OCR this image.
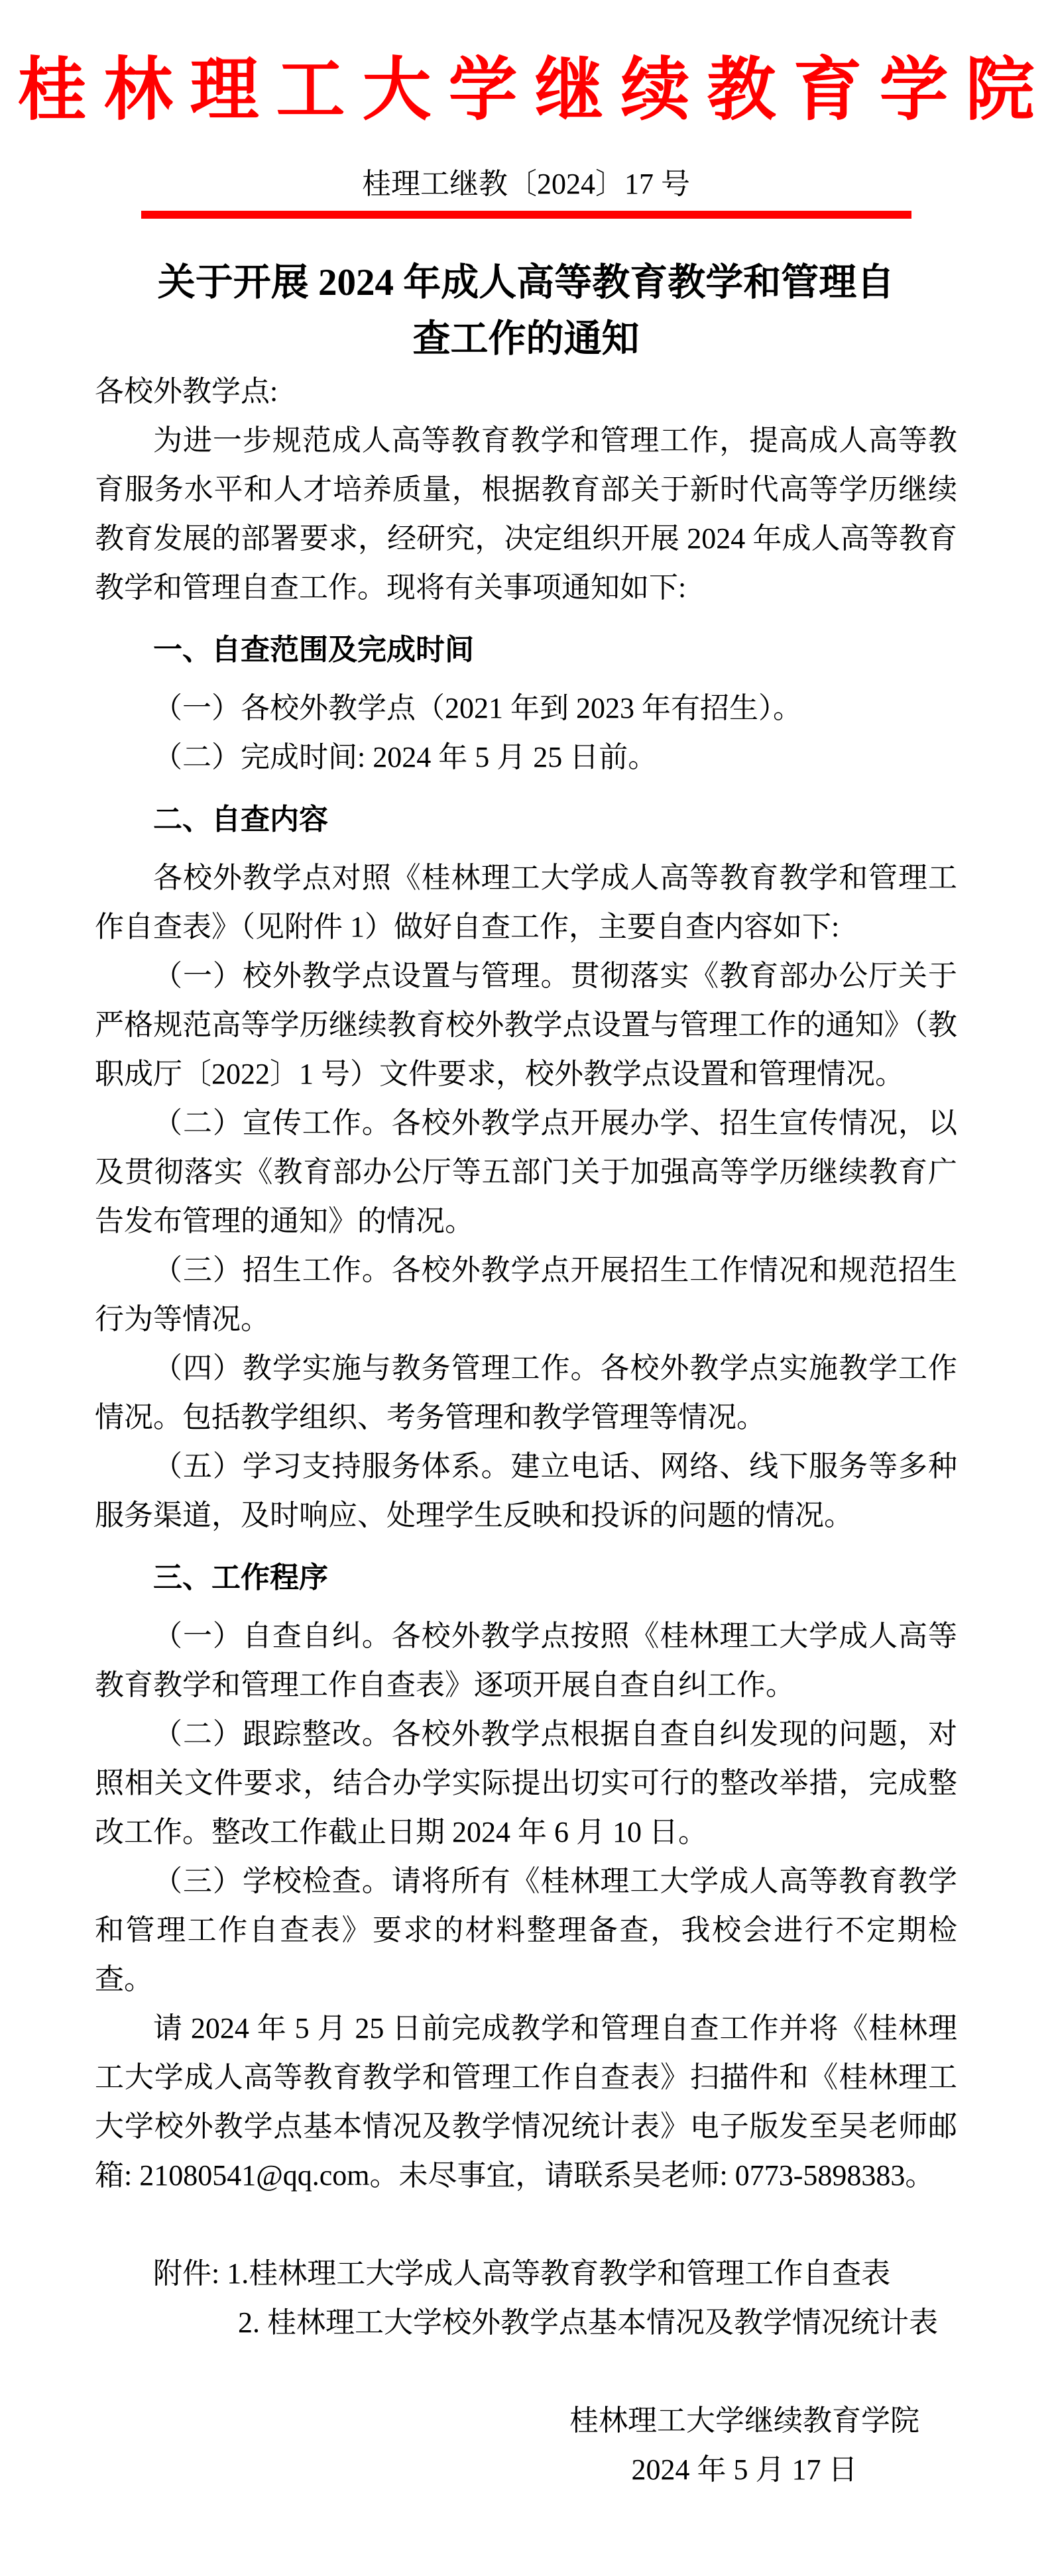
桂林理工大学继续教育学院
桂理工继教〔2024〕17 号
关于开展 2024 年成人高等教育教学和管理自
查工作的通知

各校外教学点:

为进一步规范成人高等教育教学和管理工作，提高成人高等教育服务水平和人才培养质量，根据教育部关于新时代高等学历继续教育发展的部署要求，经研究，决定组织开展 2024 年成人高等教育教学和管理自查工作。现将有关事项通知如下:

一、自查范围及完成时间

（一）各校外教学点（2021 年到 2023 年有招生）。

（二）完成时间: 2024 年 5 月 25 日前。

二、自查内容

各校外教学点对照《桂林理工大学成人高等教育教学和管理工作自查表》（见附件 1）做好自查工作，主要自查内容如下:

（一）校外教学点设置与管理。贯彻落实《教育部办公厅关于严格规范高等学历继续教育校外教学点设置与管理工作的通知》（教职成厅〔2022〕1 号）文件要求，校外教学点设置和管理情况。

（二）宣传工作。各校外教学点开展办学、招生宣传情况，以及贯彻落实《教育部办公厅等五部门关于加强高等学历继续教育广告发布管理的通知》的情况。

（三）招生工作。各校外教学点开展招生工作情况和规范招生行为等情况。

（四）教学实施与教务管理工作。各校外教学点实施教学工作情况。包括教学组织、考务管理和教学管理等情况。

（五）学习支持服务体系。建立电话、网络、线下服务等多种服务渠道，及时响应、处理学生反映和投诉的问题的情况。

三、工作程序

（一）自查自纠。各校外教学点按照《桂林理工大学成人高等教育教学和管理工作自查表》逐项开展自查自纠工作。

（二）跟踪整改。各校外教学点根据自查自纠发现的问题，对照相关文件要求，结合办学实际提出切实可行的整改举措，完成整改工作。整改工作截止日期 2024 年 6 月 10 日。

（三）学校检查。请将所有《桂林理工大学成人高等教育教学和管理工作自查表》要求的材料整理备查，我校会进行不定期检查。

请 2024 年 5 月 25 日前完成教学和管理自查工作并将《桂林理工大学成人高等教育教学和管理工作自查表》扫描件和《桂林理工大学校外教学点基本情况及教学情况统计表》电子版发至吴老师邮箱: 21080541@qq.com。未尽事宜，请联系吴老师: 0773-5898383。

附件: 1.桂林理工大学成人高等教育教学和管理工作自查表

2. 桂林理工大学校外教学点基本情况及教学情况统计表

桂林理工大学继续教育学院
2024 年 5 月 17 日
